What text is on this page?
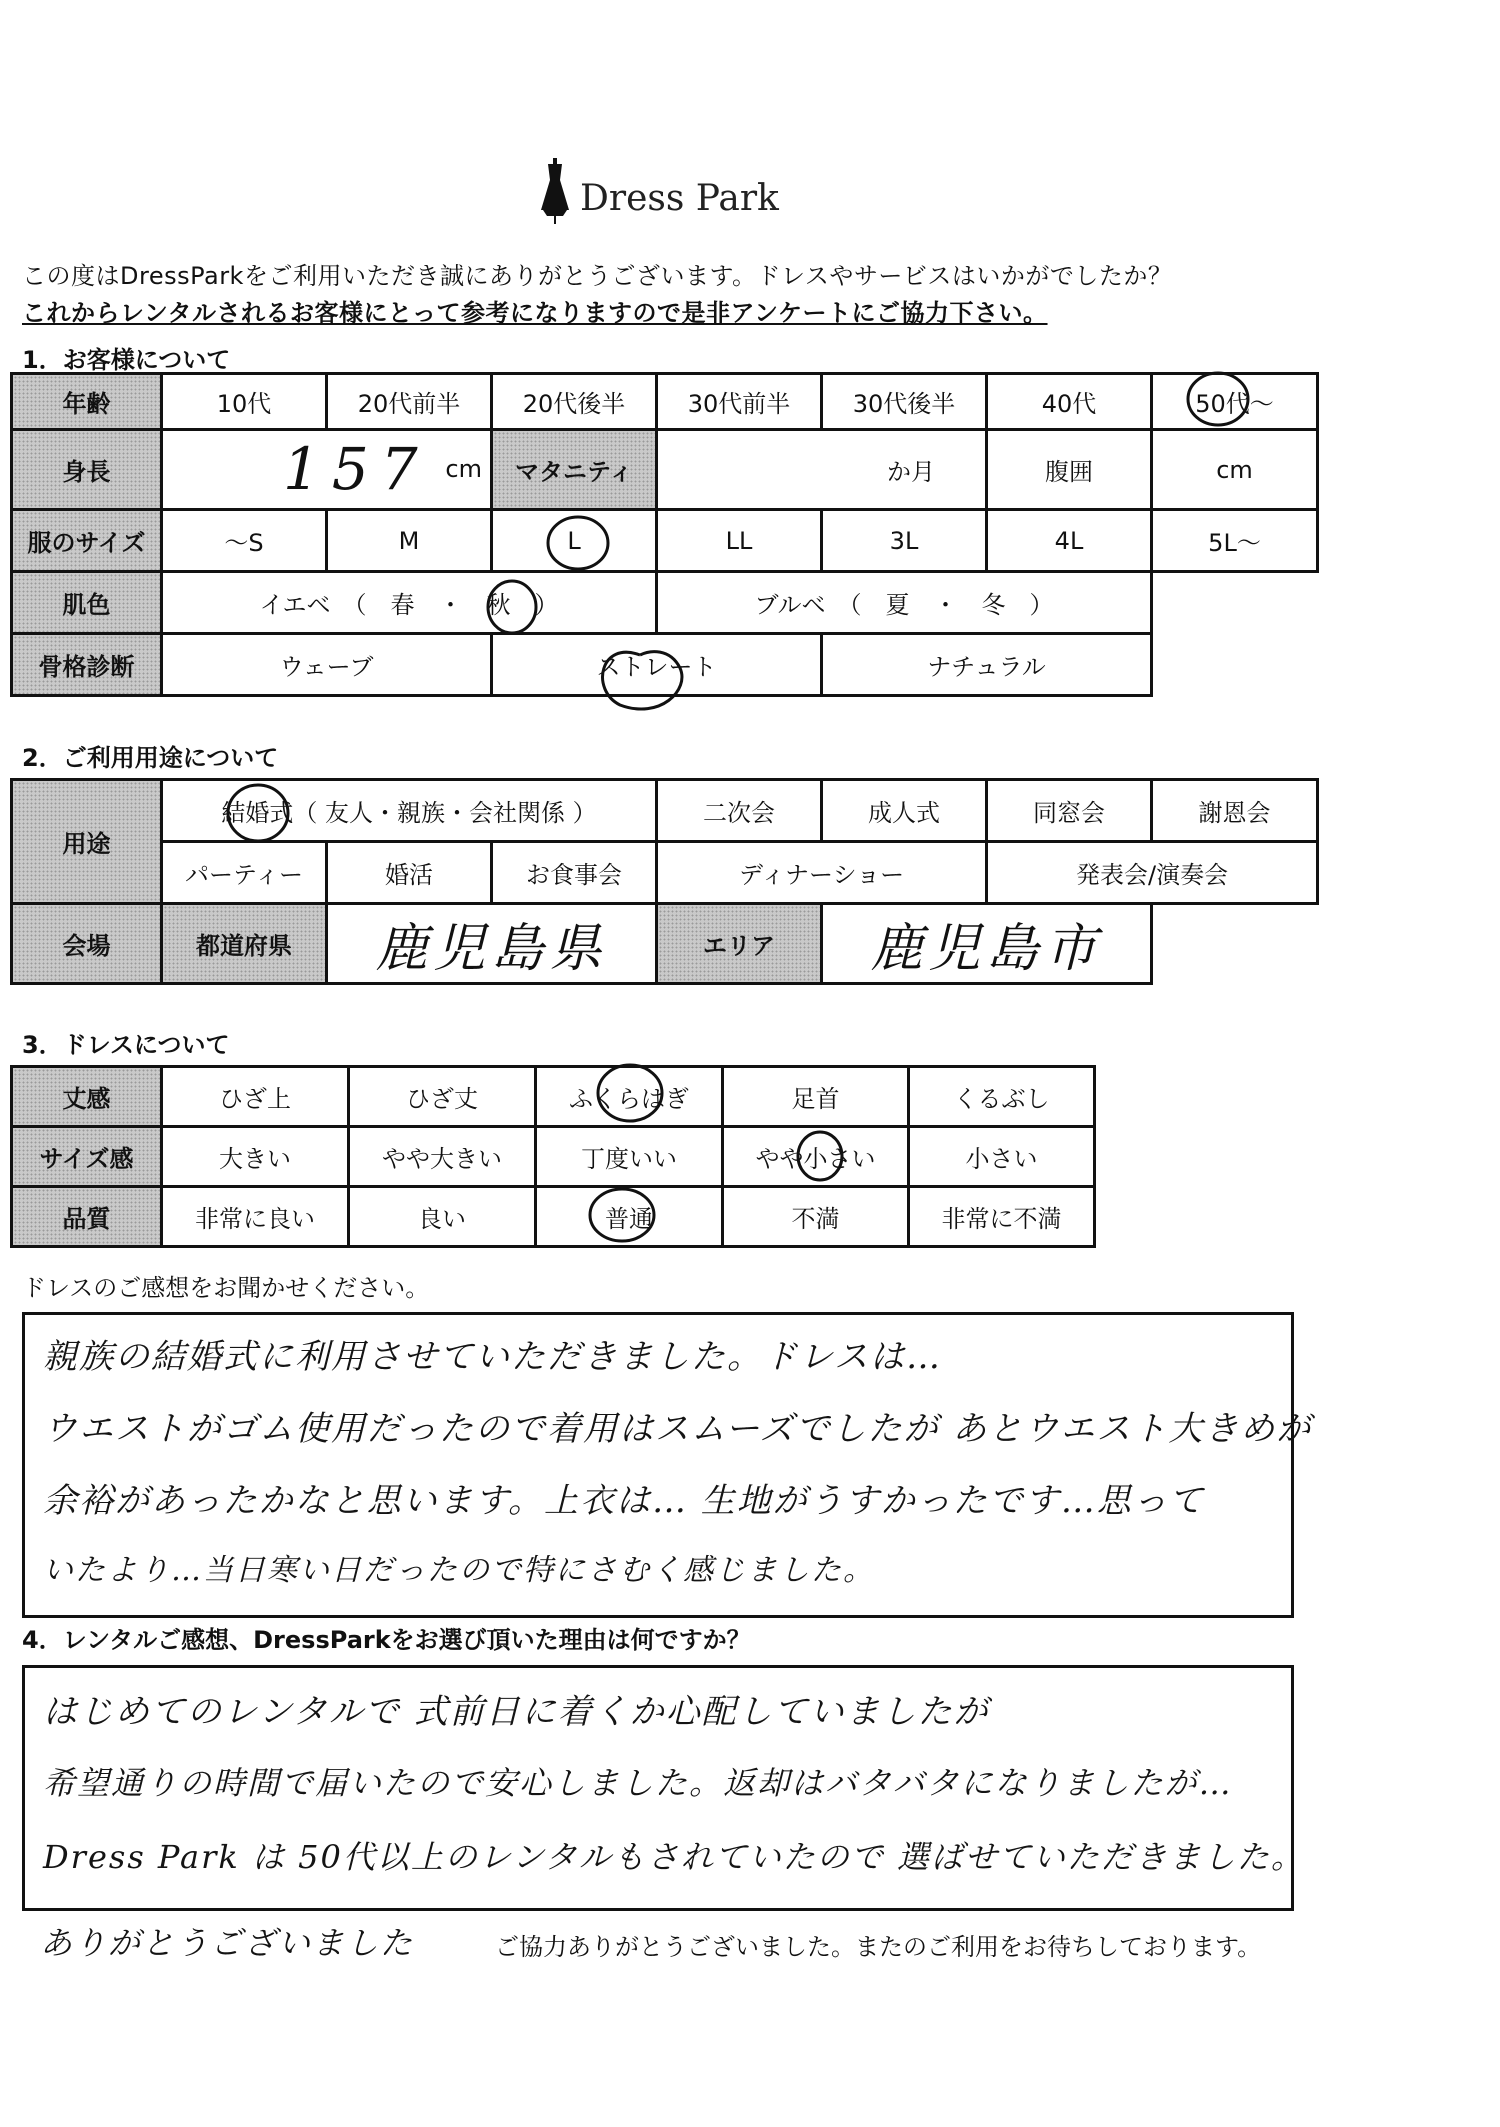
Dress Park
この度はDressParkをご利用いただき誠にありがとうございます。ドレスやサービスはいかがでしたか？
これからレンタルされるお客様にとって参考になりますので是非アンケートにご協力下さい。
1．お客様について
年齢	10代	20代前半	20代後半	30代前半	30代後半	40代	50代～
身長	157 cm		マタニティ	か月		腹囲	cm
服のサイズ	～S	M	L	LL	3L	4L	5L～
肌色	イエベ　（　春　・　秋　）			ブルベ　（　夏　・　冬　）			
骨格診断	ウェーブ		ストレート		ナチュラル		
2．ご利用用途について
用途	結婚式（ 友人・親族・会社関係 ）			二次会	成人式	同窓会	謝恩会
	パーティー	婚活	お食事会	ディナーショー		発表会/演奏会	
会場	都道府県	鹿児島県		エリア	鹿児島市		
3．ドレスについて
丈感	ひざ上	ひざ丈	ふくらはぎ	足首	くるぶし
サイズ感	大きい	やや大きい	丁度いい	やや小さい	小さい
品質	非常に良い	良い	普通	不満	非常に不満
ドレスのご感想をお聞かせください。
親族の結婚式に利用させていただきました。ドレスは…
ウエストがゴム使用だったので着用はスムーズでしたが あとウエスト大きめが
余裕があったかなと思います。上衣は… 生地がうすかったです…思って
いたより…当日寒い日だったので特にさむく感じました。
4．レンタルご感想、DressParkをお選び頂いた理由は何ですか？
はじめてのレンタルで 式前日に着くか心配していましたが
希望通りの時間で届いたので安心しました。返却はバタバタになりましたが…
Dress Park は 50代以上のレンタルもされていたので 選ばせていただきました。
ありがとうございました	ご協力ありがとうございました。またのご利用をお待ちしております。
